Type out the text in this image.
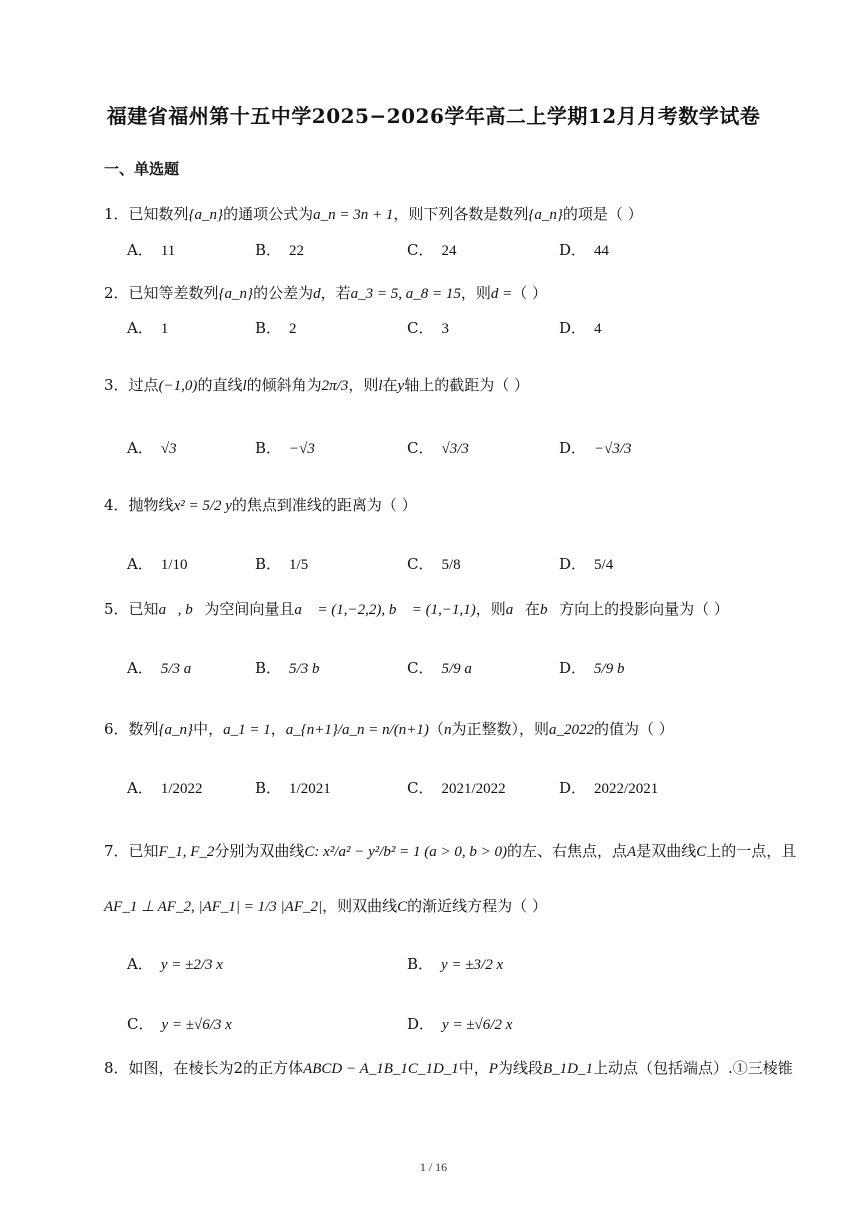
福建省福州第十五中学2025−2026学年高二上学期12月月考数学试卷
一、单选题
1．已知数列{a_n}的通项公式为a_n = 3n + 1，则下列各数是数列{a_n}的项是（ ）
A． 11	B． 22	C． 24	D． 44
2．已知等差数列{a_n}的公差为d，若a_3 = 5, a_8 = 15，则d =（ ）
A． 1	B． 2	C． 3	D． 4
3．过点(−1,0)的直线l的倾斜角为2π/3，则l在y轴上的截距为（ ）
A． √3	B． −√3	C． √3/3	D． −√3/3
4．抛物线x² = 5/2 y的焦点到准线的距离为（ ）
A． 1/10	B． 1/5	C． 5/8	D． 5/4
5．已知a⃗, b⃗为空间向量且a⃗ = (1,−2,2), b⃗ = (1,−1,1)，则a⃗在b⃗方向上的投影向量为（ ）
A． 5/3 a⃗	B． 5/3 b⃗	C． 5/9 a⃗	D． 5/9 b⃗
6．数列{a_n}中，a_1 = 1，a_{n+1}/a_n = n/(n+1)（n为正整数），则a_2022的值为（ ）
A． 1/2022	B． 1/2021	C． 2021/2022	D． 2022/2021
7．已知F_1, F_2分别为双曲线C: x²/a² − y²/b² = 1 (a > 0, b > 0)的左、右焦点，点A是双曲线C上的一点，且
AF_1 ⊥ AF_2, |AF_1| = 1/3 |AF_2|，则双曲线C的渐近线方程为（ ）
A． y = ±2/3 x	B． y = ±3/2 x
C． y = ±√6/3 x	D． y = ±√6/2 x
8．如图，在棱长为2的正方体ABCD − A_1B_1C_1D_1中，P为线段B_1D_1上动点（包括端点）.①三棱锥
1 / 16
